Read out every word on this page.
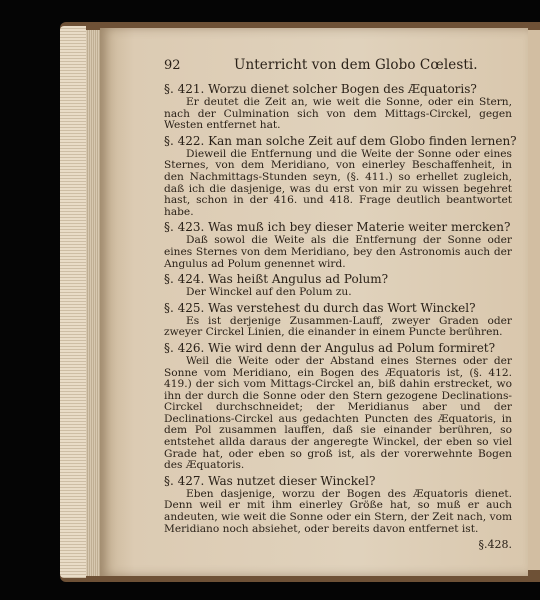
92	Unterricht von dem Globo Cœlesti.
§. 421. Worzu dienet solcher Bogen des Æquatoris?
Er deutet die Zeit an, wie weit die Sonne, oder ein Stern, nach der Culmination sich von dem Mittags-Circkel, gegen Westen entfernet hat.
§. 422. Kan man solche Zeit auf dem Globo finden lernen?
Dieweil die Entfernung und die Weite der Sonne oder eines Sternes, von dem Meridiano, von einerley Beschaffenheit, in den Nachmittags-Stunden seyn, (§. 411.) so erhellet zugleich, daß ich die dasjenige, was du erst von mir zu wissen begehret hast, schon in der 416. und 418. Frage deutlich beantwortet habe.
§. 423. Was muß ich bey dieser Materie weiter mercken?
Daß sowol die Weite als die Entfernung der Sonne oder eines Sternes von dem Meridiano, bey den Astronomis auch der Angulus ad Polum genennet wird.
§. 424. Was heißt Angulus ad Polum?
Der Winckel auf den Polum zu.
§. 425. Was verstehest du durch das Wort Winckel?
Es ist derjenige Zusammen-Lauff, zweyer Graden oder zweyer Circkel Linien, die einander in einem Puncte berühren.
§. 426. Wie wird denn der Angulus ad Polum formiret?
Weil die Weite oder der Abstand eines Sternes oder der Sonne vom Meridiano, ein Bogen des Æquatoris ist, (§. 412. 419.) der sich vom Mittags-Circkel an, biß dahin erstrecket, wo ihn der durch die Sonne oder den Stern gezogene Declinations-Circkel durchschneidet; der Meridianus aber und der Declinations-Circkel aus gedachten Puncten des Æquatoris, in dem Pol zusammen lauffen, daß sie einander berühren, so entstehet allda daraus der angeregte Winckel, der eben so viel Grade hat, oder eben so groß ist, als der vorerwehnte Bogen des Æquatoris.
§. 427. Was nutzet dieser Winckel?
Eben dasjenige, worzu der Bogen des Æquatoris dienet. Denn weil er mit ihm einerley Größe hat, so muß er auch andeuten, wie weit die Sonne oder ein Stern, der Zeit nach, vom Meridiano noch absiehet, oder bereits davon entfernet ist.
§.428.
